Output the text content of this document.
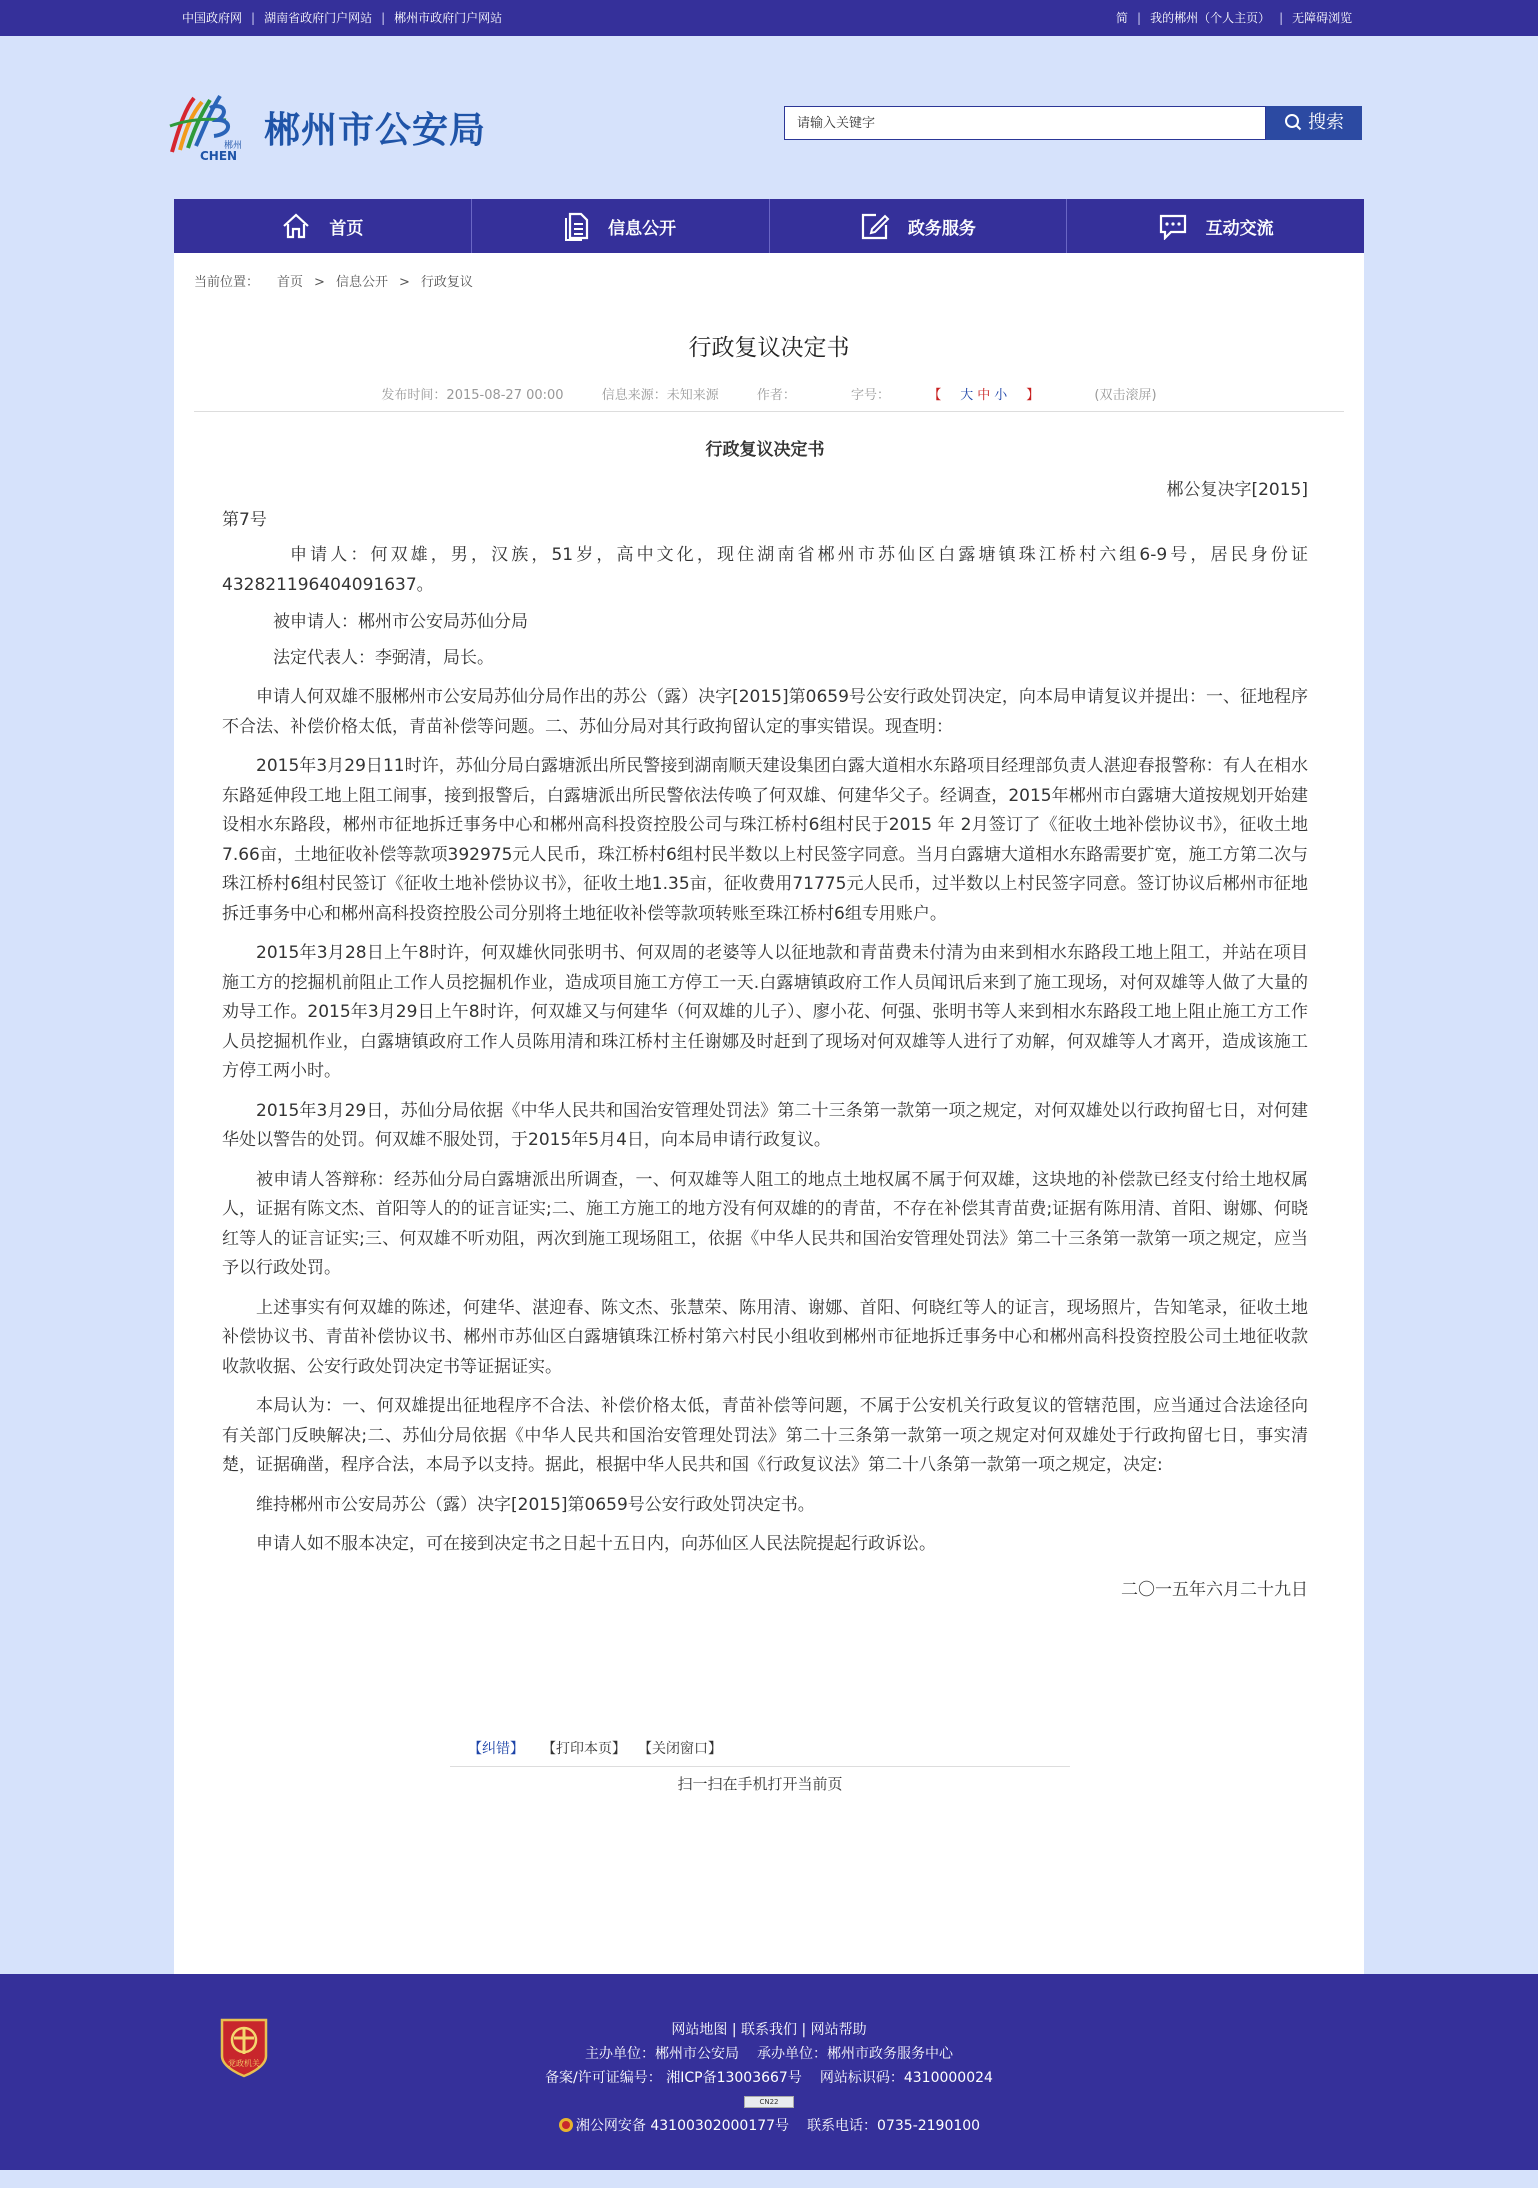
中国政府网 | 湖南省政府门户网站 | 郴州市政府门户网站	简 | 我的郴州（个人主页） | 无障碍浏览
郴州
CHEN
郴州市公安局
请输入关键字	搜索
首页	信息公开	政务服务	互动交流
当前位置： 首页 > 信息公开 > 行政复议
行政复议决定书
发布时间：2015-08-27 00:00	信息来源：未知来源	作者：	字号：	【 大 中 小 】	(双击滚屏)
行政复议决定书

郴公复决字[2015]

第7号

申请人：何双雄，男，汉族，51岁，高中文化，现住湖南省郴州市苏仙区白露塘镇珠江桥村六组6-9号，居民身份证432821196404091637。

被申请人：郴州市公安局苏仙分局

法定代表人：李弼清，局长。

申请人何双雄不服郴州市公安局苏仙分局作出的苏公（露）决字[2015]第0659号公安行政处罚决定，向本局申请复议并提出：一、征地程序不合法、补偿价格太低，青苗补偿等问题。二、苏仙分局对其行政拘留认定的事实错误。现查明：

2015年3月29日11时许，苏仙分局白露塘派出所民警接到湖南顺天建设集团白露大道相水东路项目经理部负责人湛迎春报警称：有人在相水东路延伸段工地上阻工闹事，接到报警后，白露塘派出所民警依法传唤了何双雄、何建华父子。经调查，2015年郴州市白露塘大道按规划开始建设相水东路段，郴州市征地拆迁事务中心和郴州高科投资控股公司与珠江桥村6组村民于2015 年 2月签订了《征收土地补偿协议书》，征收土地7.66亩，土地征收补偿等款项392975元人民币，珠江桥村6组村民半数以上村民签字同意。当月白露塘大道相水东路需要扩宽，施工方第二次与珠江桥村6组村民签订《征收土地补偿协议书》，征收土地1.35亩，征收费用71775元人民币，过半数以上村民签字同意。签订协议后郴州市征地拆迁事务中心和郴州高科投资控股公司分别将土地征收补偿等款项转账至珠江桥村6组专用账户。

2015年3月28日上午8时许，何双雄伙同张明书、何双周的老婆等人以征地款和青苗费未付清为由来到相水东路段工地上阻工，并站在项目施工方的挖掘机前阻止工作人员挖掘机作业，造成项目施工方停工一天.白露塘镇政府工作人员闻讯后来到了施工现场，对何双雄等人做了大量的劝导工作。2015年3月29日上午8时许，何双雄又与何建华（何双雄的儿子）、廖小花、何强、张明书等人来到相水东路段工地上阻止施工方工作人员挖掘机作业，白露塘镇政府工作人员陈用清和珠江桥村主任谢娜及时赶到了现场对何双雄等人进行了劝解，何双雄等人才离开，造成该施工方停工两小时。

2015年3月29日，苏仙分局依据《中华人民共和国治安管理处罚法》第二十三条第一款第一项之规定，对何双雄处以行政拘留七日，对何建华处以警告的处罚。何双雄不服处罚，于2015年5月4日，向本局申请行政复议。

被申请人答辩称：经苏仙分局白露塘派出所调查，一、何双雄等人阻工的地点土地权属不属于何双雄，这块地的补偿款已经支付给土地权属人，证据有陈文杰、首阳等人的的证言证实;二、施工方施工的地方没有何双雄的的青苗，不存在补偿其青苗费;证据有陈用清、首阳、谢娜、何晓红等人的证言证实;三、何双雄不听劝阻，两次到施工现场阻工，依据《中华人民共和国治安管理处罚法》第二十三条第一款第一项之规定，应当予以行政处罚。

上述事实有何双雄的陈述，何建华、湛迎春、陈文杰、张慧荣、陈用清、谢娜、首阳、何晓红等人的证言，现场照片，告知笔录，征收土地补偿协议书、青苗补偿协议书、郴州市苏仙区白露塘镇珠江桥村第六村民小组收到郴州市征地拆迁事务中心和郴州高科投资控股公司土地征收款收款收据、公安行政处罚决定书等证据证实。

本局认为：一、何双雄提出征地程序不合法、补偿价格太低，青苗补偿等问题，不属于公安机关行政复议的管辖范围，应当通过合法途径向有关部门反映解决;二、苏仙分局依据《中华人民共和国治安管理处罚法》第二十三条第一款第一项之规定对何双雄处于行政拘留七日，事实清楚，证据确凿，程序合法，本局予以支持。据此，根据中华人民共和国《行政复议法》第二十八条第一款第一项之规定，决定:

维持郴州市公安局苏公（露）决字[2015]第0659号公安行政处罚决定书。

申请人如不服本决定，可在接到决定书之日起十五日内，向苏仙区人民法院提起行政诉讼。

二〇一五年六月二十九日

【纠错】 【打印本页】 【关闭窗口】
扫一扫在手机打开当前页
党政机关
网站地图 | 联系我们 | 网站帮助
主办单位：郴州市公安局 承办单位：郴州市政务服务中心
备案/许可证编号： 湘ICP备13003667号 网站标识码：4310000024
CN22
湘公网安备 43100302000177号 联系电话：0735-2190100
